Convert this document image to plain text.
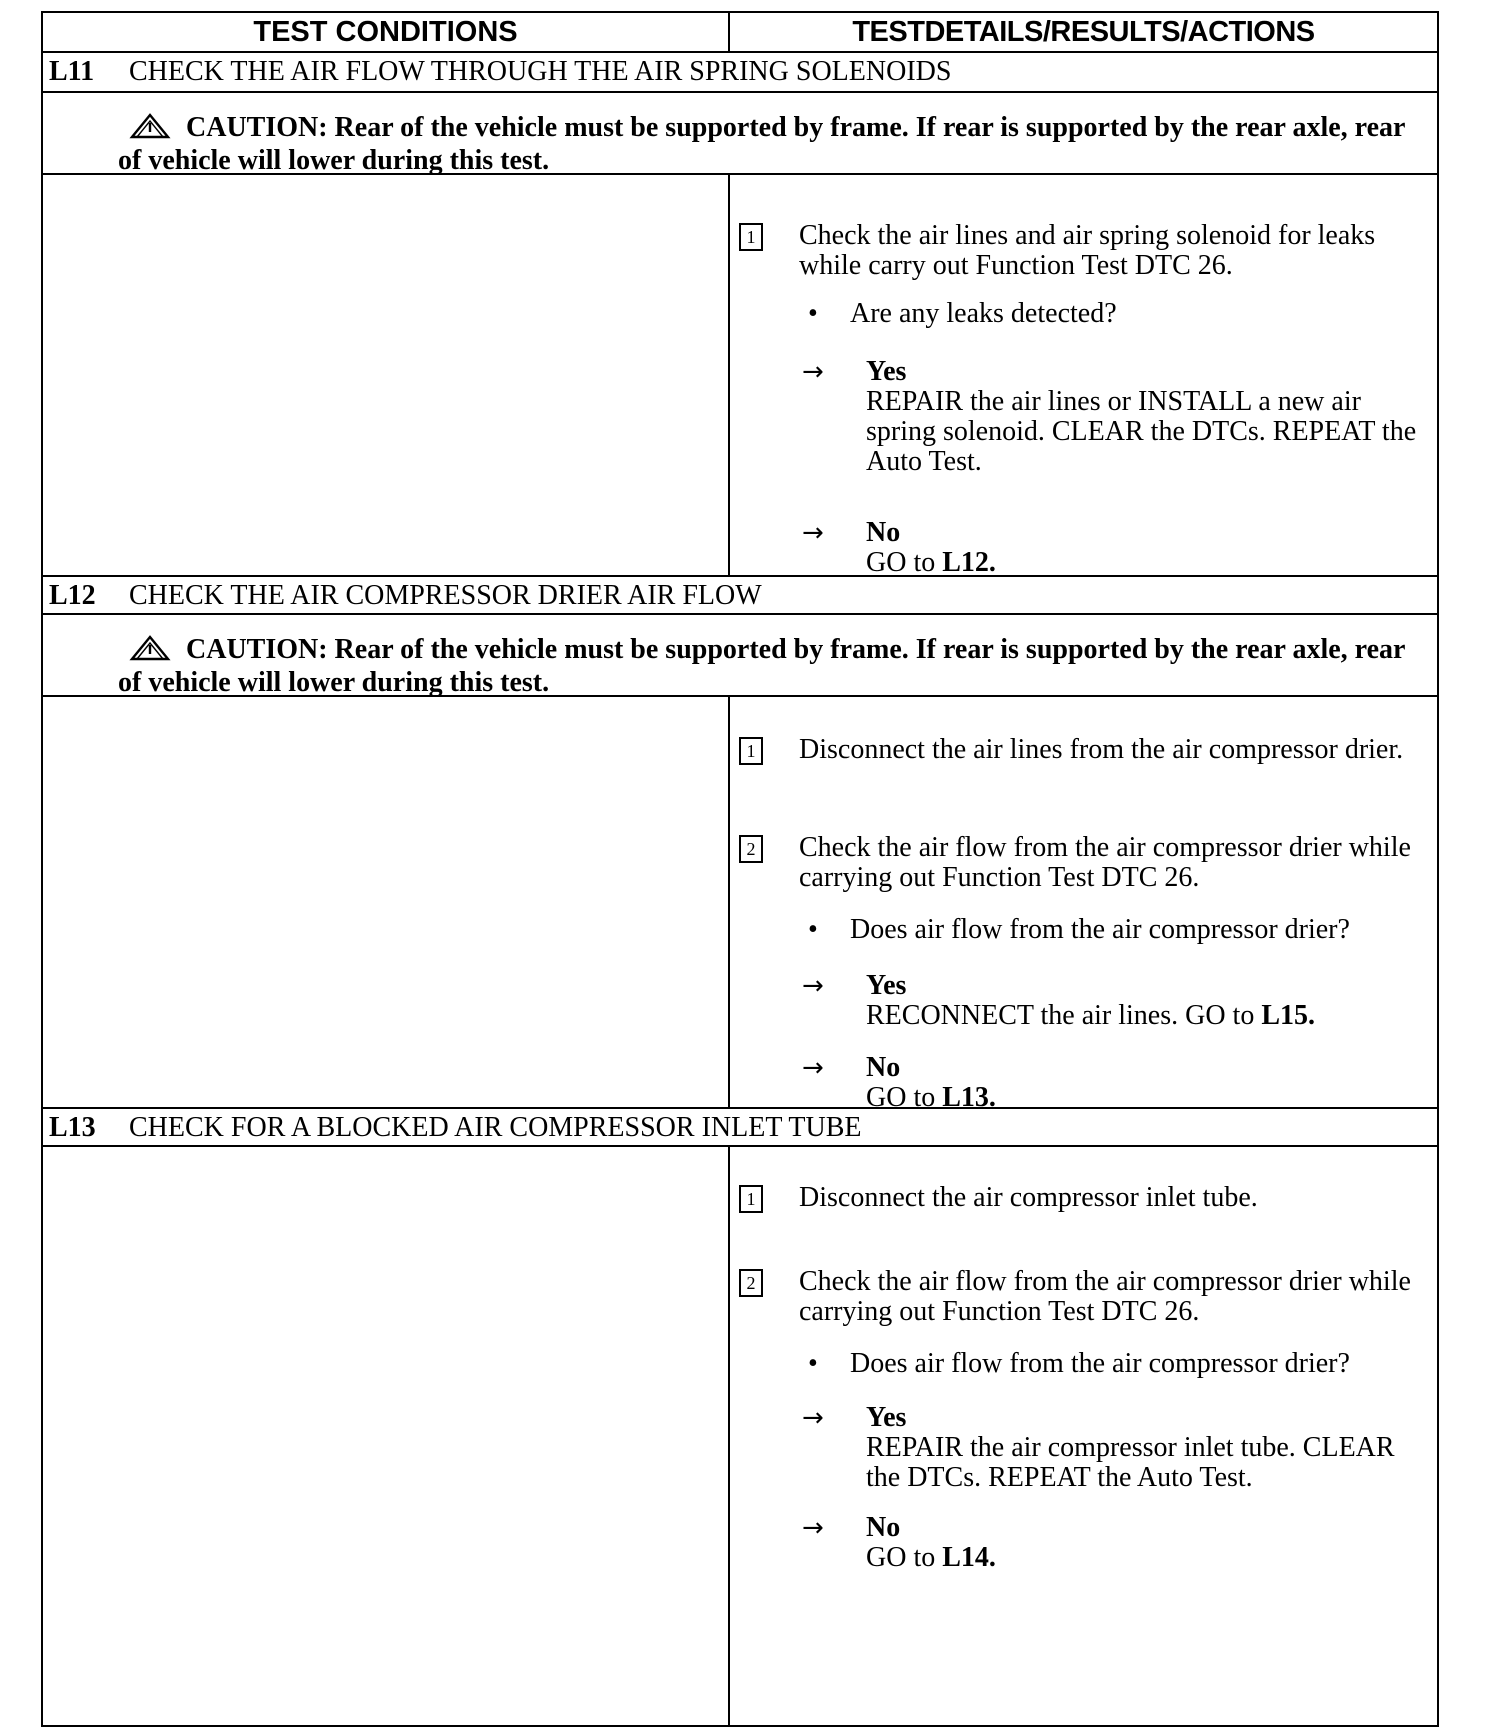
TEST CONDITIONS	TESTDETAILS/RESULTS/ACTIONS
L11 CHECK THE AIR FLOW THROUGH THE AIR SPRING SOLENOIDS
CAUTION: Rear of the vehicle must be supported by frame. If rear is supported by the rear axle, rear of vehicle will lower during this test.
1 Check the air lines and air spring solenoid for leaks while carry out Function Test DTC 26.
• Are any leaks detected?
→ Yes
REPAIR the air lines or INSTALL a new air spring solenoid. CLEAR the DTCs. REPEAT the Auto Test.
→ No
GO to L12.
L12 CHECK THE AIR COMPRESSOR DRIER AIR FLOW
CAUTION: Rear of the vehicle must be supported by frame. If rear is supported by the rear axle, rear of vehicle will lower during this test.
1 Disconnect the air lines from the air compressor drier.
2 Check the air flow from the air compressor drier while carrying out Function Test DTC 26.
• Does air flow from the air compressor drier?
→ Yes
RECONNECT the air lines. GO to L15.
→ No
GO to L13.
L13 CHECK FOR A BLOCKED AIR COMPRESSOR INLET TUBE
1 Disconnect the air compressor inlet tube.
2 Check the air flow from the air compressor drier while carrying out Function Test DTC 26.
• Does air flow from the air compressor drier?
→ Yes
REPAIR the air compressor inlet tube. CLEAR the DTCs. REPEAT the Auto Test.
→ No
GO to L14.
